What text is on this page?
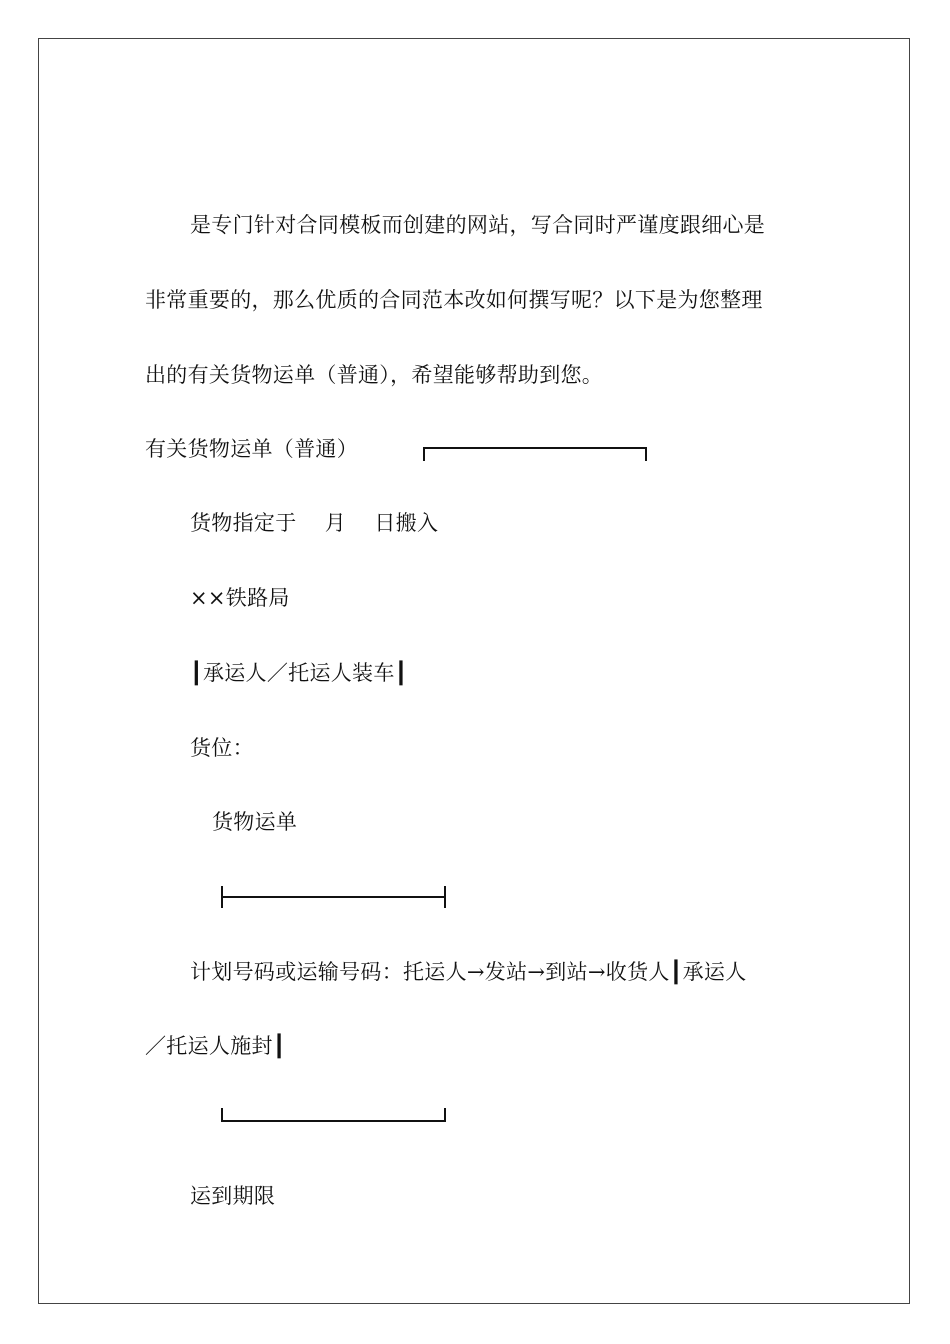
是专门针对合同模板而创建的网站，写合同时严谨度跟细心是
非常重要的，那么优质的合同范本改如何撰写呢？以下是为您整理
出的有关货物运单（普通），希望能够帮助到您。
有关货物运单（普通）
货物指定于　 月　 日搬入
××铁路局
┃承运人／托运人装车┃
货位：
货物运单
计划号码或运输号码：托运人→发站→到站→收货人┃承运人
／托运人施封┃
运到期限
